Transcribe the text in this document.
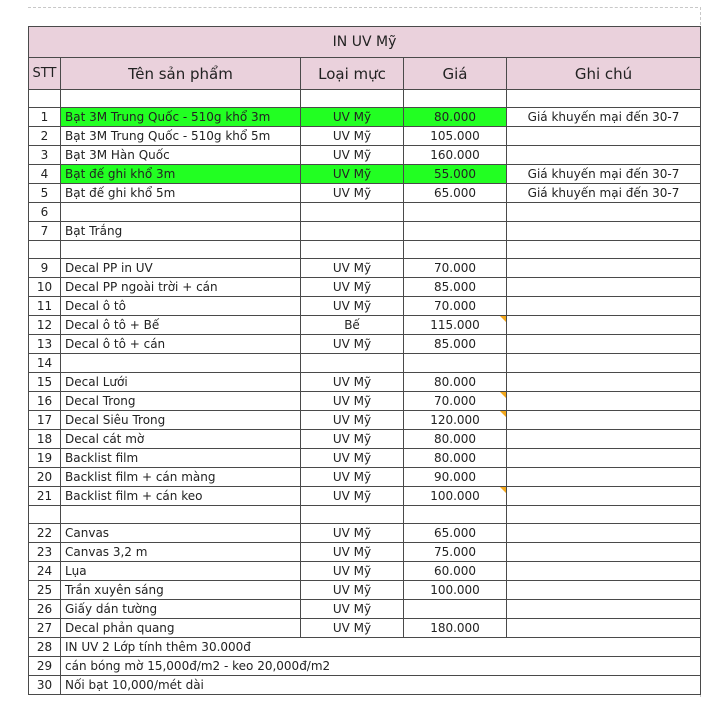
IN UV Mỹ				
STT	Tên sản phẩm	Loại mực	Giá	Ghi chú

1	Bạt 3M Trung Quốc - 510g khổ 3m	UV Mỹ	80.000	Giá khuyến mại đến 30-7
2	Bạt 3M Trung Quốc - 510g khổ 5m	UV Mỹ	105.000	
3	Bạt 3M Hàn Quốc	UV Mỹ	160.000	
4	Bạt đế ghi khổ 3m	UV Mỹ	55.000	Giá khuyến mại đến 30-7
5	Bạt đế ghi khổ 5m	UV Mỹ	65.000	Giá khuyến mại đến 30-7
6				
7	Bạt Trắng			

9	Decal PP in UV	UV Mỹ	70.000	
10	Decal PP ngoài trời + cán	UV Mỹ	85.000	
11	Decal ô tô	UV Mỹ	70.000	
12	Decal ô tô + Bế	Bế	115.000	
13	Decal ô tô + cán	UV Mỹ	85.000	
14				
15	Decal Lưới	UV Mỹ	80.000	
16	Decal Trong	UV Mỹ	70.000	
17	Decal Siêu Trong	UV Mỹ	120.000	
18	Decal cát mờ	UV Mỹ	80.000	
19	Backlist film	UV Mỹ	80.000	
20	Backlist film + cán màng	UV Mỹ	90.000	
21	Backlist film + cán keo	UV Mỹ	100.000	

22	Canvas	UV Mỹ	65.000	
23	Canvas 3,2 m	UV Mỹ	75.000	
24	Lụa	UV Mỹ	60.000	
25	Trần xuyên sáng	UV Mỹ	100.000	
26	Giấy dán tường	UV Mỹ		
27	Decal phản quang	UV Mỹ	180.000	
28	IN UV 2 Lớp tính thêm 30.000đ			
29	cán bóng mờ 15,000đ/m2 - keo 20,000đ/m2			
30	Nối bạt 10,000/mét dài			
